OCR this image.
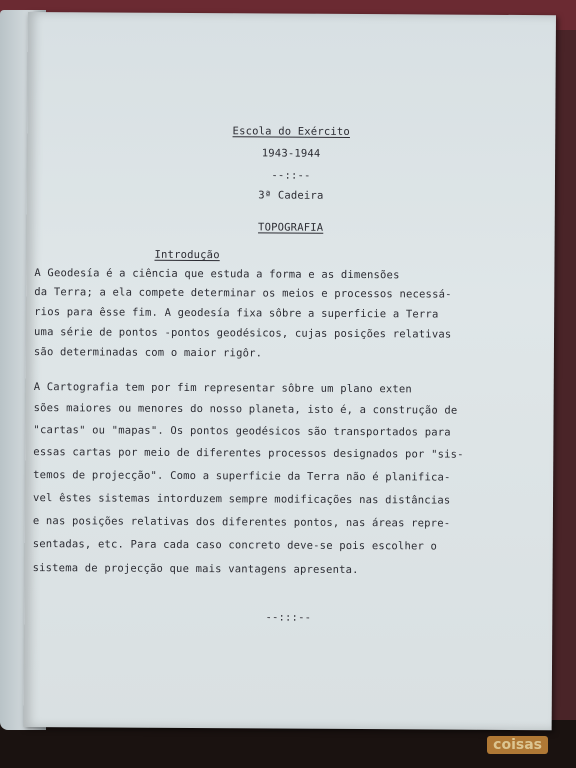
Escola do Exército
1943-1944
--::--
3ª Cadeira
TOPOGRAFIA
Introdução
A Geodesía é a ciência que estuda a forma e as dimensões
da Terra; a ela compete determinar os meios e processos necessá-
rios para êsse fim. A geodesía fixa sôbre a superficie a Terra
uma série de pontos -pontos geodésicos, cujas posições relativas
são determinadas com o maior rigôr.
A Cartografia tem por fim representar sôbre um plano exten
sões maiores ou menores do nosso planeta, isto é, a construção de
"cartas" ou "mapas". Os pontos geodésicos são transportados para
essas cartas por meio de diferentes processos designados por "sis-
temos de projecção". Como a superficie da Terra não é planifica-
vel êstes sistemas intorduzem sempre modificações nas distâncias
e nas posições relativas dos diferentes pontos, nas áreas repre-
sentadas, etc. Para cada caso concreto deve-se pois escolher o
sistema de projecção que mais vantagens apresenta.
--:::--
coisas
